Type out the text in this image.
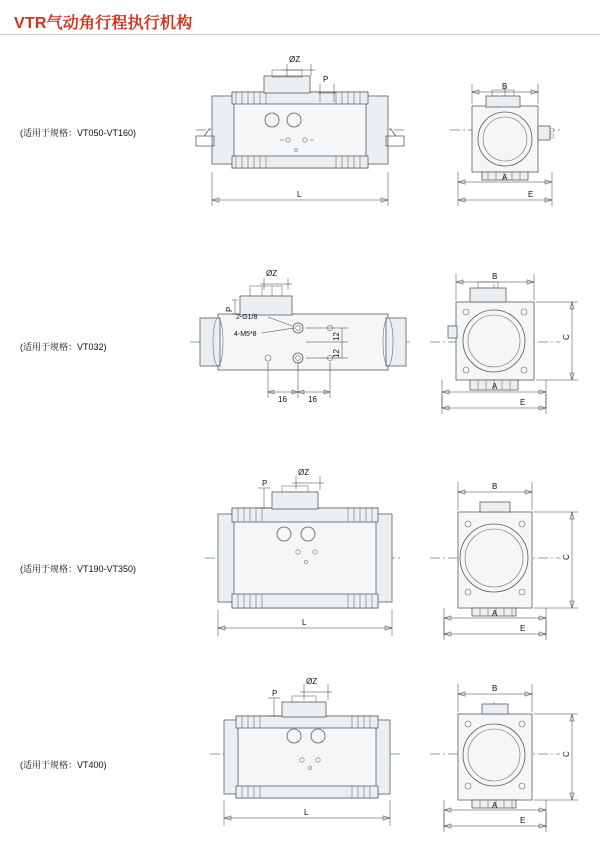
VTR气动角行程执行机构
(适用于规格：VT050-VT160)
ØZ
P
L
B
A
E
(适用于规格：VT032)
ØZ
P
2-G1/8
4-M5*8
16	16
12
12
B
C
A
E
(适用于规格：VT190-VT350)
ØZ
P
L
B
C
A
E
(适用于规格：VT400)
ØZ
P
L
B
C
A
E
